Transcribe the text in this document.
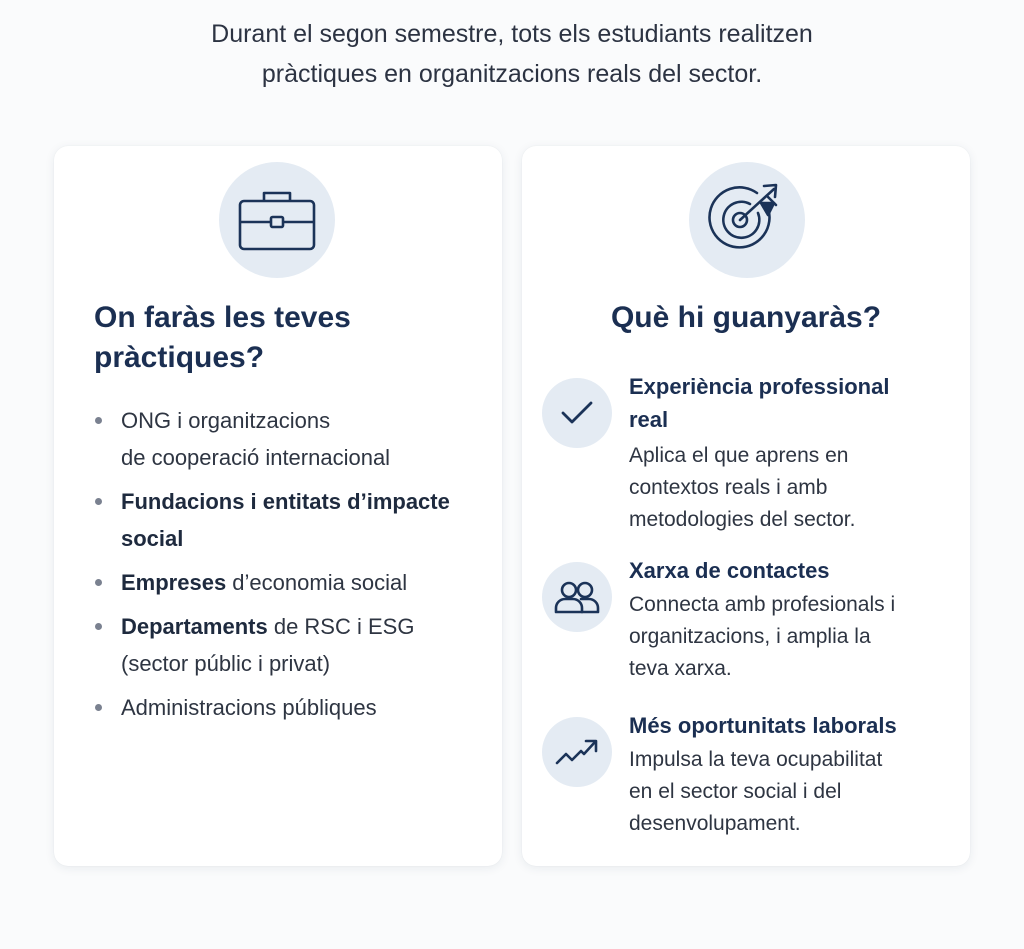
Durant el segon semestre, tots els estudiants realitzen

pràctiques en organitzacions reals del sector.

On faràs les teves
pràctiques?
ONG i organitzacions
de cooperació internacional
Fundacions i entitats d’impacte social
Empreses d’economia social
Departaments de RSC i ESG
(sector públic i privat)
Administracions públiques
Què hi guanyaràs?
Experiència professional
real

Aplica el que aprens en
contextos reals i amb
metodologies del sector.

Xarxa de contactes

Connecta amb profesionals i
organitzacions, i amplia la
teva xarxa.

Més oportunitats laborals

Impulsa la teva ocupabilitat
en el sector social i del
desenvolupament.
